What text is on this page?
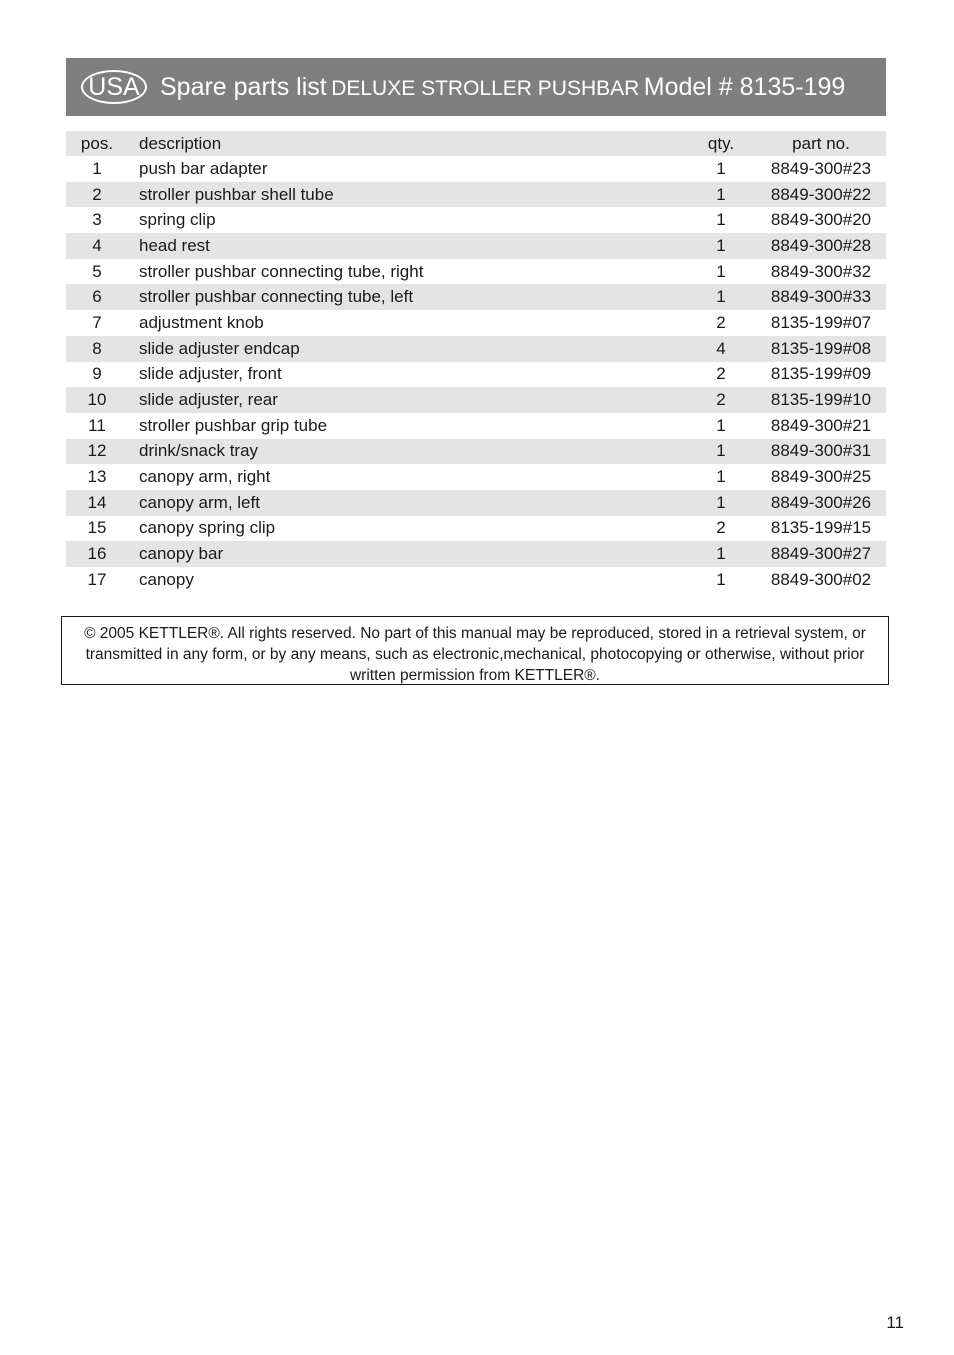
USA Spare parts list DELUXE STROLLER PUSHBAR Model # 8135-199
pos.	description	qty.	part no.
1	push bar adapter	1	8849-300#23
2	stroller pushbar shell tube	1	8849-300#22
3	spring clip	1	8849-300#20
4	head rest	1	8849-300#28
5	stroller pushbar connecting tube, right	1	8849-300#32
6	stroller pushbar connecting tube, left	1	8849-300#33
7	adjustment knob	2	8135-199#07
8	slide adjuster endcap	4	8135-199#08
9	slide adjuster, front	2	8135-199#09
10	slide adjuster, rear	2	8135-199#10
11	stroller pushbar grip tube	1	8849-300#21
12	drink/snack tray	1	8849-300#31
13	canopy arm, right	1	8849-300#25
14	canopy arm, left	1	8849-300#26
15	canopy spring clip	2	8135-199#15
16	canopy bar	1	8849-300#27
17	canopy	1	8849-300#02
© 2005 KETTLER®. All rights reserved. No part of this manual may be reproduced, stored in a retrieval system, or transmitted in any form, or by any means, such as electronic,mechanical, photocopying or otherwise, without prior written permission from KETTLER®.
11
